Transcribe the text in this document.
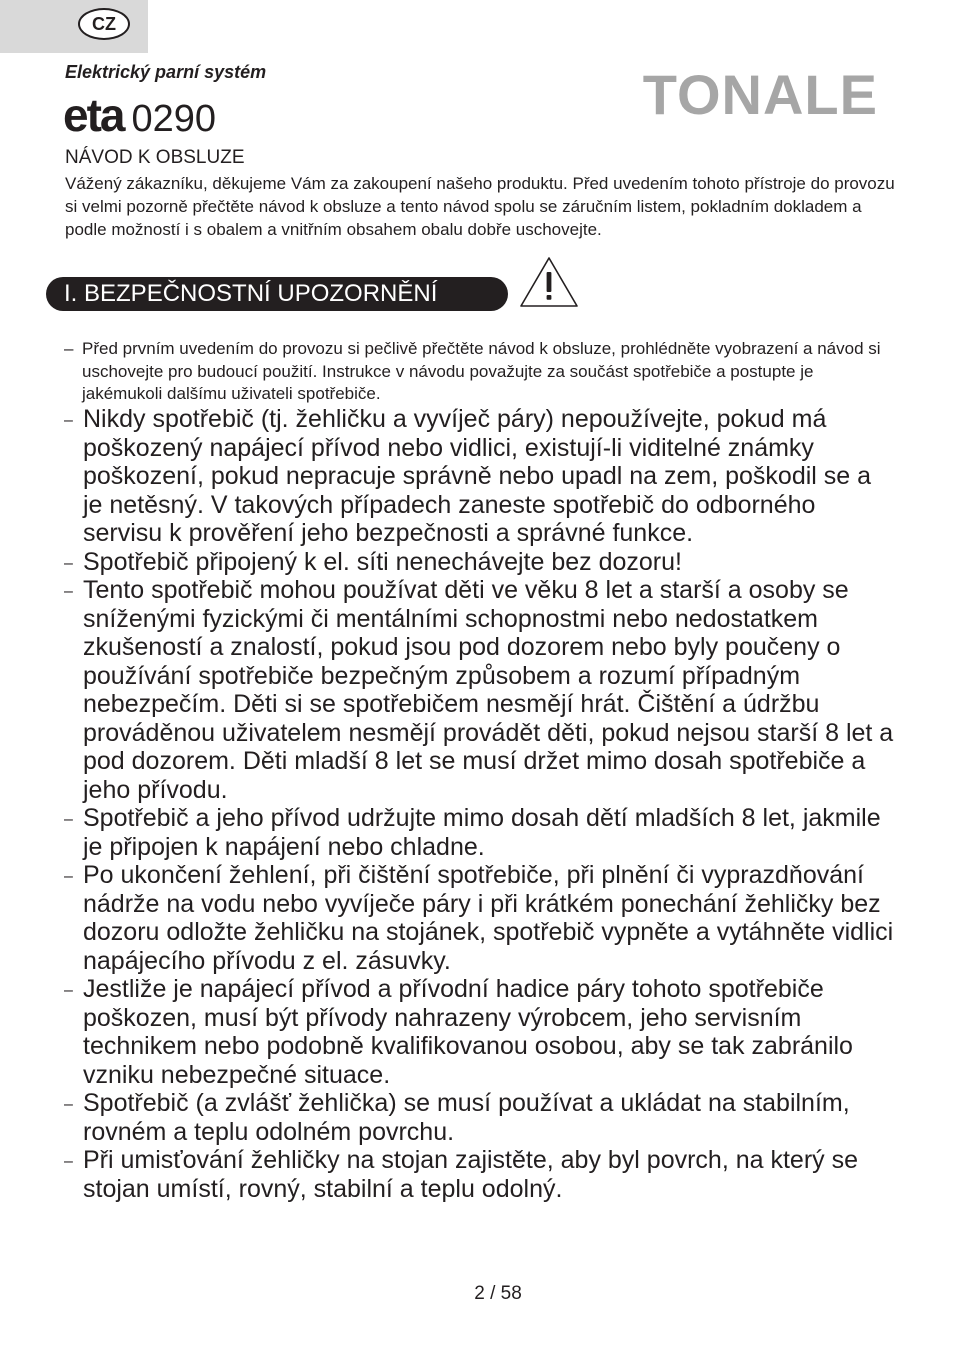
CZ
Elektrický parní systém
eta 0290	TONALE
NÁVOD K OBSLUZE
Vážený zákazníku, děkujeme Vám za zakoupení našeho produktu. Před uvedením tohoto přístroje do provozu si velmi pozorně přečtěte návod k obsluze a tento návod spolu se záručním listem, pokladním dokladem a podle možností i s obalem a vnitřním obsahem obalu dobře uschovejte.
I. BEZPEČNOSTNÍ UPOZORNĚNÍ
– Před prvním uvedením do provozu si pečlivě přečtěte návod k obsluze, prohlédněte vyobrazení a návod si uschovejte pro budoucí použití. Instrukce v návodu považujte za součást spotřebiče a postupte je jakémukoli dalšímu uživateli spotřebiče.
– Nikdy spotřebič (tj. žehličku a vyvíječ páry) nepoužívejte, pokud má poškozený napájecí přívod nebo vidlici, existují-li viditelné známky poškození, pokud nepracuje správně nebo upadl na zem, poškodil se a je netěsný. V takových případech zaneste spotřebič do odborného servisu k prověření jeho bezpečnosti a správné funkce.
– Spotřebič připojený k el. síti nenechávejte bez dozoru!
– Tento spotřebič mohou používat děti ve věku 8 let a starší a osoby se sníženými fyzickými či mentálními schopnostmi nebo nedostatkem zkušeností a znalostí, pokud jsou pod dozorem nebo byly poučeny o používání spotřebiče bezpečným způsobem a rozumí případným nebezpečím. Děti si se spotřebičem nesmějí hrát. Čištění a údržbu prováděnou uživatelem nesmějí provádět děti, pokud nejsou starší 8 let a pod dozorem. Děti mladší 8 let se musí držet mimo dosah spotřebiče a jeho přívodu.
– Spotřebič a jeho přívod udržujte mimo dosah dětí mladších 8 let, jakmile je připojen k napájení nebo chladne.
– Po ukončení žehlení, při čištění spotřebiče, při plnění či vyprazdňování nádrže na vodu nebo vyvíječe páry i při krátkém ponechání žehličky bez dozoru odložte žehličku na stojánek, spotřebič vypněte a vytáhněte vidlici napájecího přívodu z el. zásuvky.
– Jestliže je napájecí přívod a přívodní hadice páry tohoto spotřebiče poškozen, musí být přívody nahrazeny výrobcem, jeho servisním technikem nebo podobně kvalifikovanou osobou, aby se tak zabránilo vzniku nebezpečné situace.
– Spotřebič (a zvlášť žehlička) se musí používat a ukládat na stabilním, rovném a teplu odolném povrchu.
– Při umisťování žehličky na stojan zajistěte, aby byl povrch, na který se stojan umístí, rovný, stabilní a teplu odolný.
2 / 58
